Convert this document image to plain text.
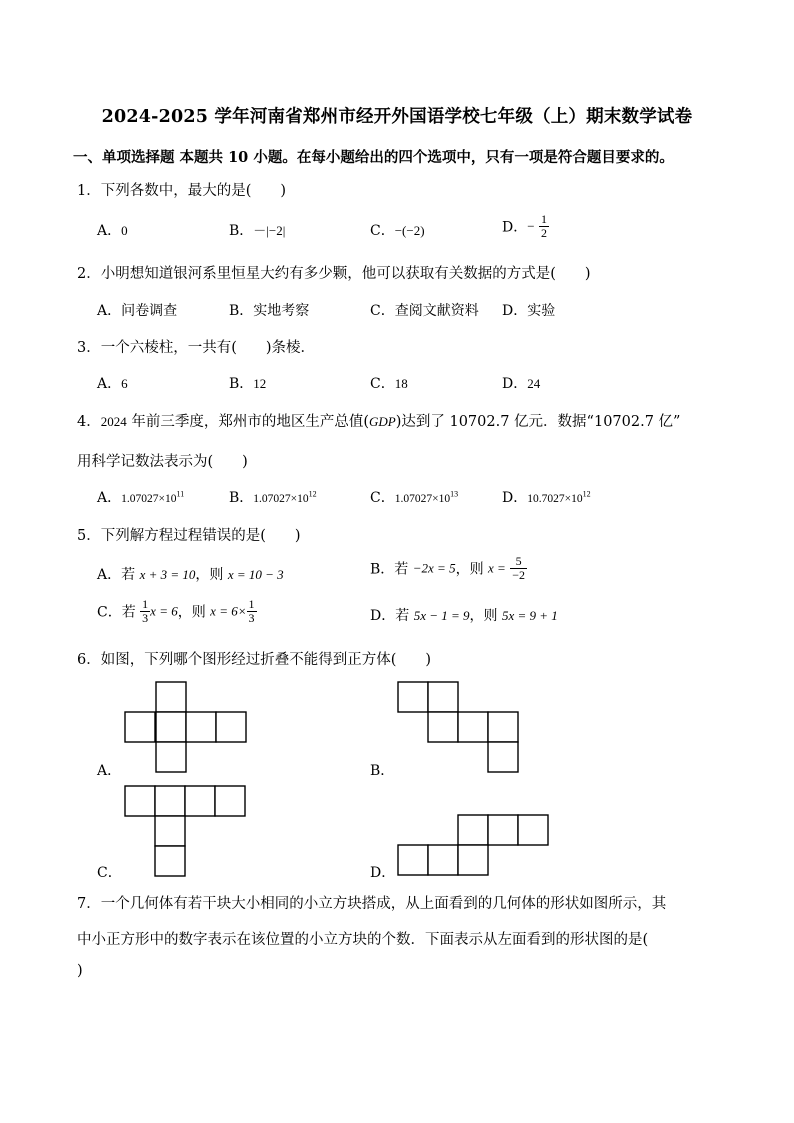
2024-2025 学年河南省郑州市经开外国语学校七年级（上）期末数学试卷
一、单项选择题 本题共 10 小题。在每小题给出的四个选项中，只有一项是符合题目要求的。
1．下列各数中，最大的是(　　)
A．0	B．－|−2|	C．−(−2)	D．− $\frac{1}{2}$
2．小明想知道银河系里恒星大约有多少颗，他可以获取有关数据的方式是(　　)
A．问卷调查	B．实地考察	C．查阅文献资料 D．实验
3．一个六棱柱，一共有(　　)条棱．
A．6	B．12	C．18	D．24
4．2024 年前三季度，郑州市的地区生产总值(GDP)达到了 10702.7 亿元．数据“10702.7 亿”
用科学记数法表示为(　　)
A．$1.07027\times 10^{11}$	B．$1.07027\times 10^{12}$	C．$1.07027\times 10^{13}$	D．$10.7027\times 10^{12}$
5．下列解方程过程错误的是(　　)
A．若 x + 3 = 10，则 x = 10 − 3	B．若 −2x = 5，则 $x = \frac{5}{-2}$
C．若 $\frac{1}{3}$ x = 6，则 $x = 6\times \frac{1}{3}$	D．若 5x − 1 = 9，则 5x = 9 + 1
6．如图，下列哪个图形经过折叠不能得到正方体(　　)
A．	B．
C．	D．
7．一个几何体有若干块大小相同的小立方块搭成，从上面看到的几何体的形状如图所示，其
中小正方形中的数字表示在该位置的小立方块的个数．下面表示从左面看到的形状图的是(
)
